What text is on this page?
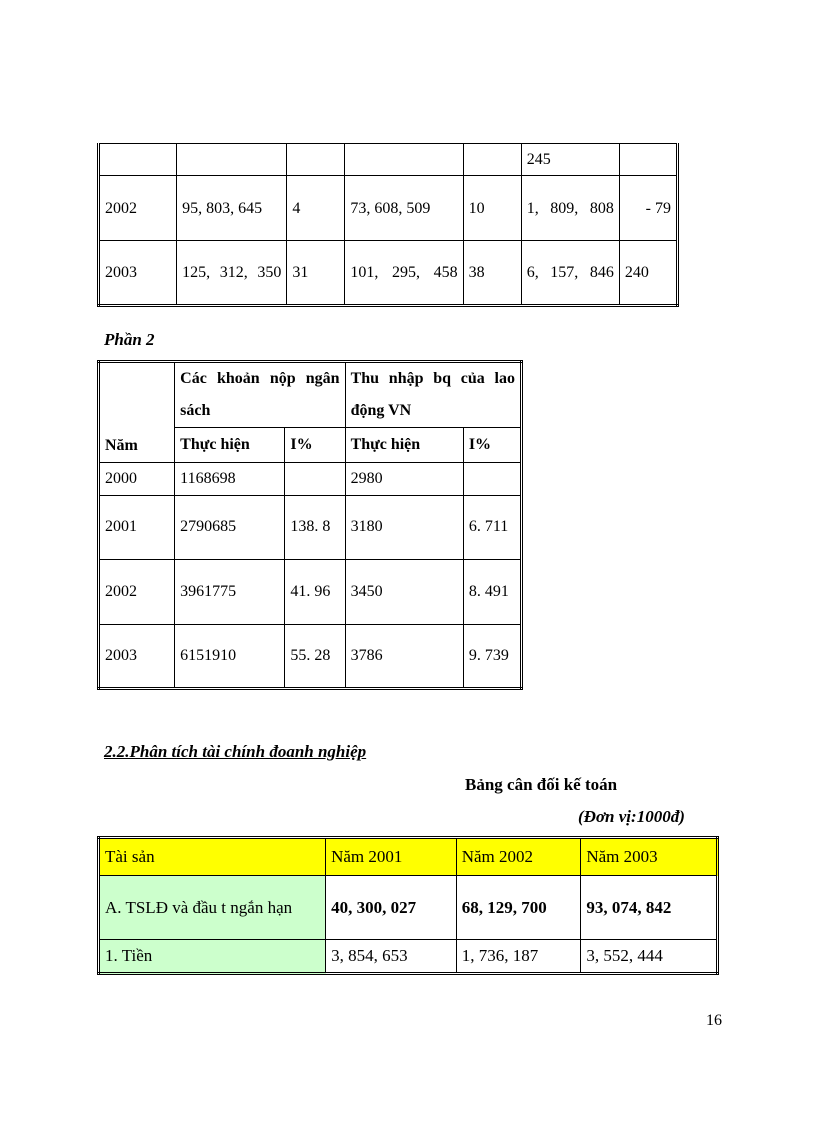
					245	
2002	95, 803, 645	4	73, 608, 509	10	1, 809, 808	- 79
2003	125, 312, 350	31	101, 295, 458	38	6, 157, 846	240
Phần 2
Năm	Các khoản nộp ngân sách		Thu nhập bq của lao động VN	
	Thực hiện	I%	Thực hiện	I%
2000	1168698		2980	
2001	2790685	138. 8	3180	6. 711
2002	3961775	41. 96	3450	8. 491
2003	6151910	55. 28	3786	9. 739
2.2.Phân tích tài chính đoanh nghiệp
Bảng cân đối kế toán
(Đơn vị:1000đ)
Tài sản	Năm 2001	Năm 2002	Năm 2003
A. TSLĐ và đầu t ngắn hạn	40, 300, 027	68, 129, 700	93, 074, 842
1. Tiền	3, 854, 653	1, 736, 187	3, 552, 444
16
